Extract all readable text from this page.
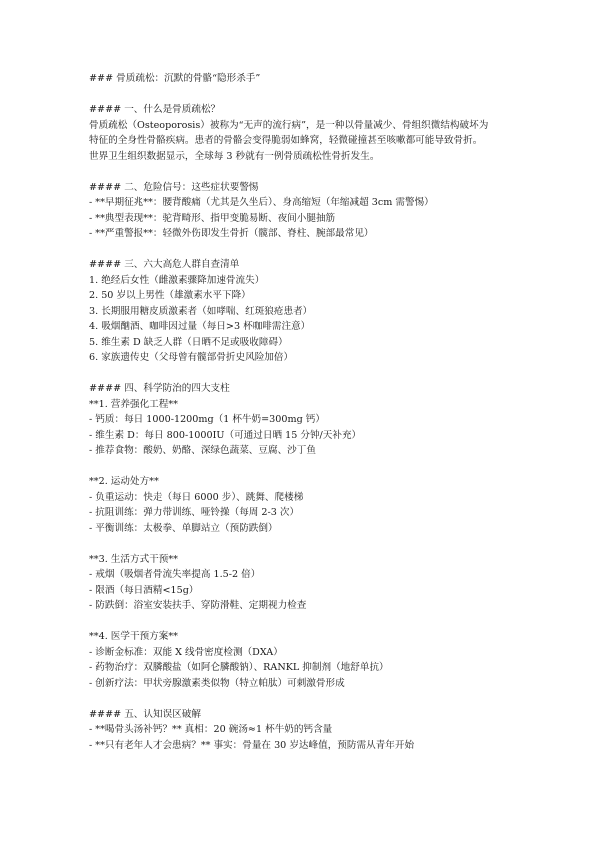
### 骨质疏松：沉默的骨骼“隐形杀手”
#### 一、什么是骨质疏松？
骨质疏松（Osteoporosis）被称为“无声的流行病”，是一种以骨量减少、骨组织微结构破坏为
特征的全身性骨骼疾病。患者的骨骼会变得脆弱如蜂窝，轻微碰撞甚至咳嗽都可能导致骨折。
世界卫生组织数据显示，全球每 3 秒就有一例骨质疏松性骨折发生。
#### 二、危险信号：这些症状要警惕
- **早期征兆**：腰背酸痛（尤其是久坐后）、身高缩短（年缩减超 3cm 需警惕）
- **典型表现**：驼背畸形、指甲变脆易断、夜间小腿抽筋
- **严重警报**：轻微外伤即发生骨折（髋部、脊柱、腕部最常见）
#### 三、六大高危人群自查清单
1. 绝经后女性（雌激素骤降加速骨流失）
2. 50 岁以上男性（雄激素水平下降）
3. 长期服用糖皮质激素者（如哮喘、红斑狼疮患者）
4. 吸烟酗酒、咖啡因过量（每日>3 杯咖啡需注意）
5. 维生素 D 缺乏人群（日晒不足或吸收障碍）
6. 家族遗传史（父母曾有髋部骨折史风险加倍）
#### 四、科学防治的四大支柱
**1. 营养强化工程**
- 钙质：每日 1000-1200mg（1 杯牛奶=300mg 钙）
- 维生素 D：每日 800-1000IU（可通过日晒 15 分钟/天补充）
- 推荐食物：酸奶、奶酪、深绿色蔬菜、豆腐、沙丁鱼
**2. 运动处方**
- 负重运动：快走（每日 6000 步）、跳舞、爬楼梯
- 抗阻训练：弹力带训练、哑铃操（每周 2-3 次）
- 平衡训练：太极拳、单脚站立（预防跌倒）
**3. 生活方式干预**
- 戒烟（吸烟者骨流失率提高 1.5-2 倍）
- 限酒（每日酒精<15g）
- 防跌倒：浴室安装扶手、穿防滑鞋、定期视力检查
**4. 医学干预方案**
- 诊断金标准：双能 X 线骨密度检测（DXA）
- 药物治疗：双膦酸盐（如阿仑膦酸钠）、RANKL 抑制剂（地舒单抗）
- 创新疗法：甲状旁腺激素类似物（特立帕肽）可刺激骨形成
#### 五、认知误区破解
- **喝骨头汤补钙？** 真相：20 碗汤≈1 杯牛奶的钙含量
- **只有老年人才会患病？** 事实：骨量在 30 岁达峰值，预防需从青年开始
